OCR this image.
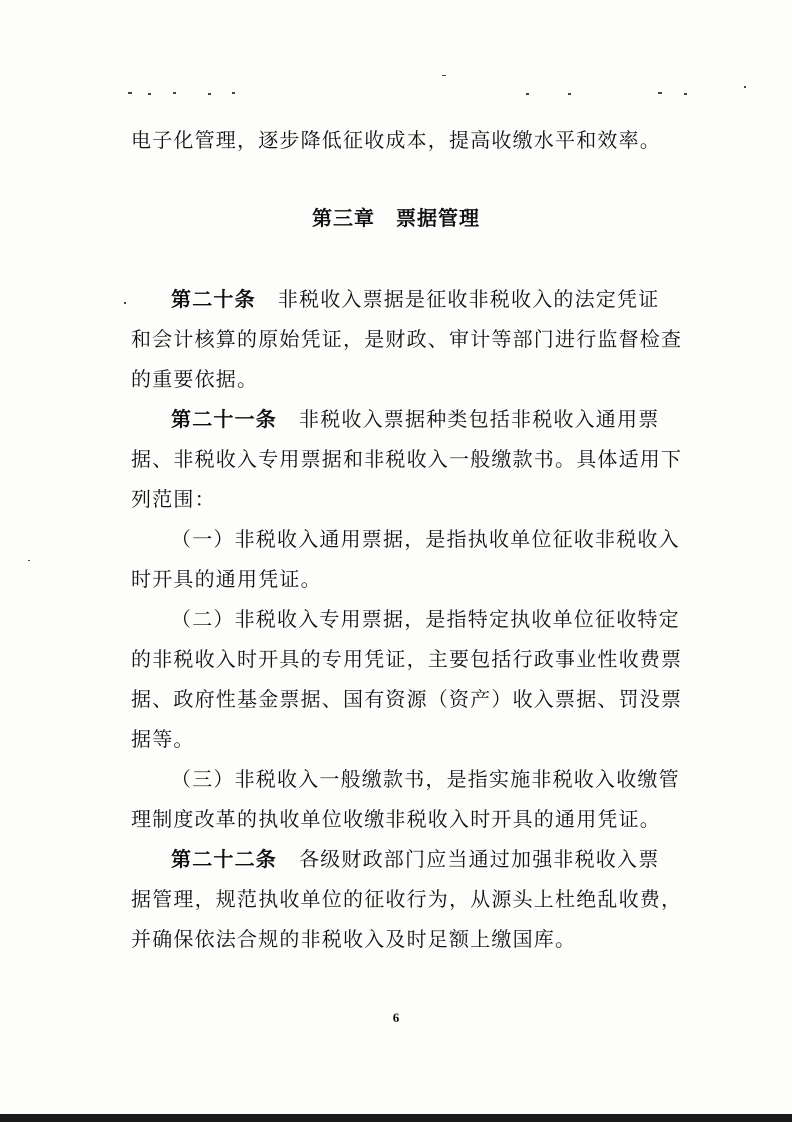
电子化管理，逐步降低征收成本，提高收缴水平和效率。
第三章　票据管理
第二十条 非税收入票据是征收非税收入的法定凭证
和会计核算的原始凭证，是财政、审计等部门进行监督检查
的重要依据。
第二十一条 非税收入票据种类包括非税收入通用票
据、非税收入专用票据和非税收入一般缴款书。具体适用下
列范围：
（一）非税收入通用票据，是指执收单位征收非税收入
时开具的通用凭证。
（二）非税收入专用票据，是指特定执收单位征收特定
的非税收入时开具的专用凭证，主要包括行政事业性收费票
据、政府性基金票据、国有资源（资产）收入票据、罚没票
据等。
（三）非税收入一般缴款书，是指实施非税收入收缴管
理制度改革的执收单位收缴非税收入时开具的通用凭证。
第二十二条 各级财政部门应当通过加强非税收入票
据管理，规范执收单位的征收行为，从源头上杜绝乱收费，
并确保依法合规的非税收入及时足额上缴国库。
6
